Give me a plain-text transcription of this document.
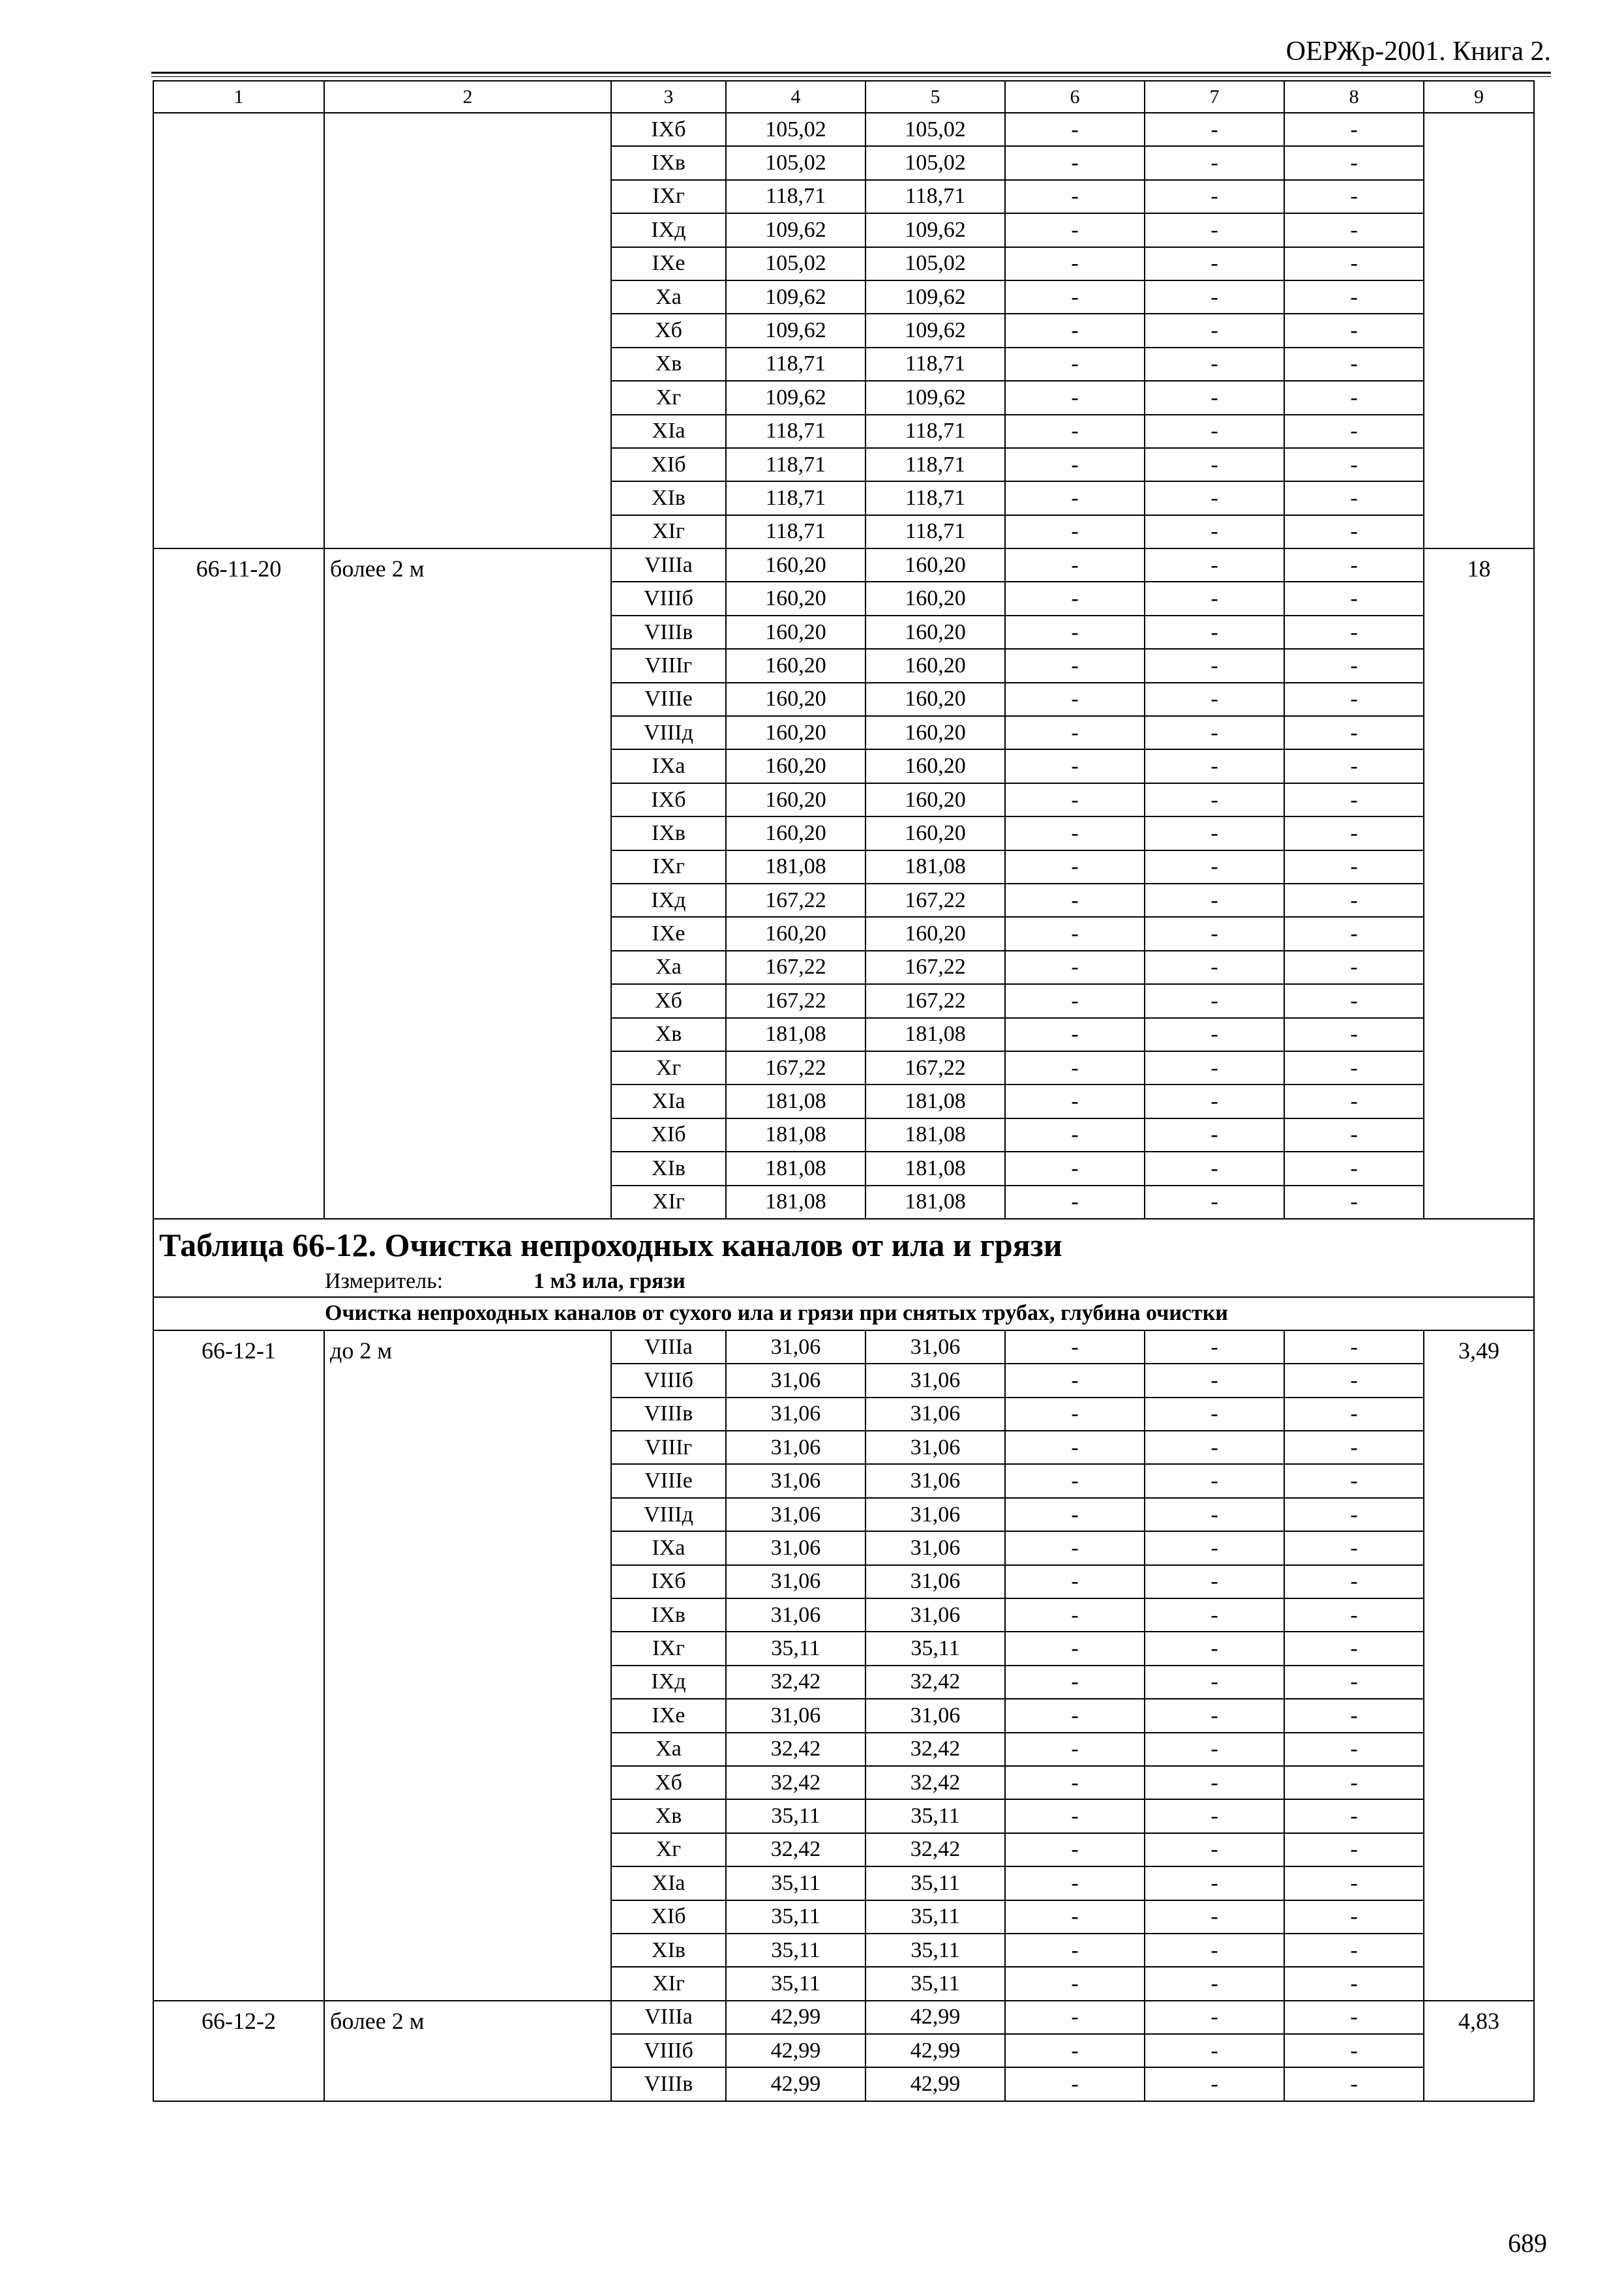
ОЕРЖр-2001. Книга 2.
1	2	3	4	5	6	7	8	9
		IXб	105,02	105,02	-	-	-	
		IXв	105,02	105,02	-	-	-	
		IXг	118,71	118,71	-	-	-	
		IXд	109,62	109,62	-	-	-	
		IXе	105,02	105,02	-	-	-	
		Xа	109,62	109,62	-	-	-	
		Xб	109,62	109,62	-	-	-	
		Xв	118,71	118,71	-	-	-	
		Xг	109,62	109,62	-	-	-	
		XIа	118,71	118,71	-	-	-	
		XIб	118,71	118,71	-	-	-	
		XIв	118,71	118,71	-	-	-	
		XIг	118,71	118,71	-	-	-	
66-11-20	более 2 м	VIIIа	160,20	160,20	-	-	-	18
		VIIIб	160,20	160,20	-	-	-	
		VIIIв	160,20	160,20	-	-	-	
		VIIIг	160,20	160,20	-	-	-	
		VIIIе	160,20	160,20	-	-	-	
		VIIIд	160,20	160,20	-	-	-	
		IXа	160,20	160,20	-	-	-	
		IXб	160,20	160,20	-	-	-	
		IXв	160,20	160,20	-	-	-	
		IXг	181,08	181,08	-	-	-	
		IXд	167,22	167,22	-	-	-	
		IXе	160,20	160,20	-	-	-	
		Xа	167,22	167,22	-	-	-	
		Xб	167,22	167,22	-	-	-	
		Xв	181,08	181,08	-	-	-	
		Xг	167,22	167,22	-	-	-	
		XIа	181,08	181,08	-	-	-	
		XIб	181,08	181,08	-	-	-	
		XIв	181,08	181,08	-	-	-	
		XIг	181,08	181,08	-	-	-	

Таблица 66-12. Очистка непроходных каналов от ила и грязи
Измеритель: 1 м3 ила, грязи								

Очистка непроходных каналов от сухого ила и грязи при снятых трубах, глубина очистки								

66-12-1	до 2 м	VIIIа	31,06	31,06	-	-	-	3,49
		VIIIб	31,06	31,06	-	-	-	
		VIIIв	31,06	31,06	-	-	-	
		VIIIг	31,06	31,06	-	-	-	
		VIIIе	31,06	31,06	-	-	-	
		VIIIд	31,06	31,06	-	-	-	
		IXа	31,06	31,06	-	-	-	
		IXб	31,06	31,06	-	-	-	
		IXв	31,06	31,06	-	-	-	
		IXг	35,11	35,11	-	-	-	
		IXд	32,42	32,42	-	-	-	
		IXе	31,06	31,06	-	-	-	
		Xа	32,42	32,42	-	-	-	
		Xб	32,42	32,42	-	-	-	
		Xв	35,11	35,11	-	-	-	
		Xг	32,42	32,42	-	-	-	
		XIа	35,11	35,11	-	-	-	
		XIб	35,11	35,11	-	-	-	
		XIв	35,11	35,11	-	-	-	
		XIг	35,11	35,11	-	-	-	
66-12-2	более 2 м	VIIIа	42,99	42,99	-	-	-	4,83
		VIIIб	42,99	42,99	-	-	-	
		VIIIв	42,99	42,99	-	-	-	
689
